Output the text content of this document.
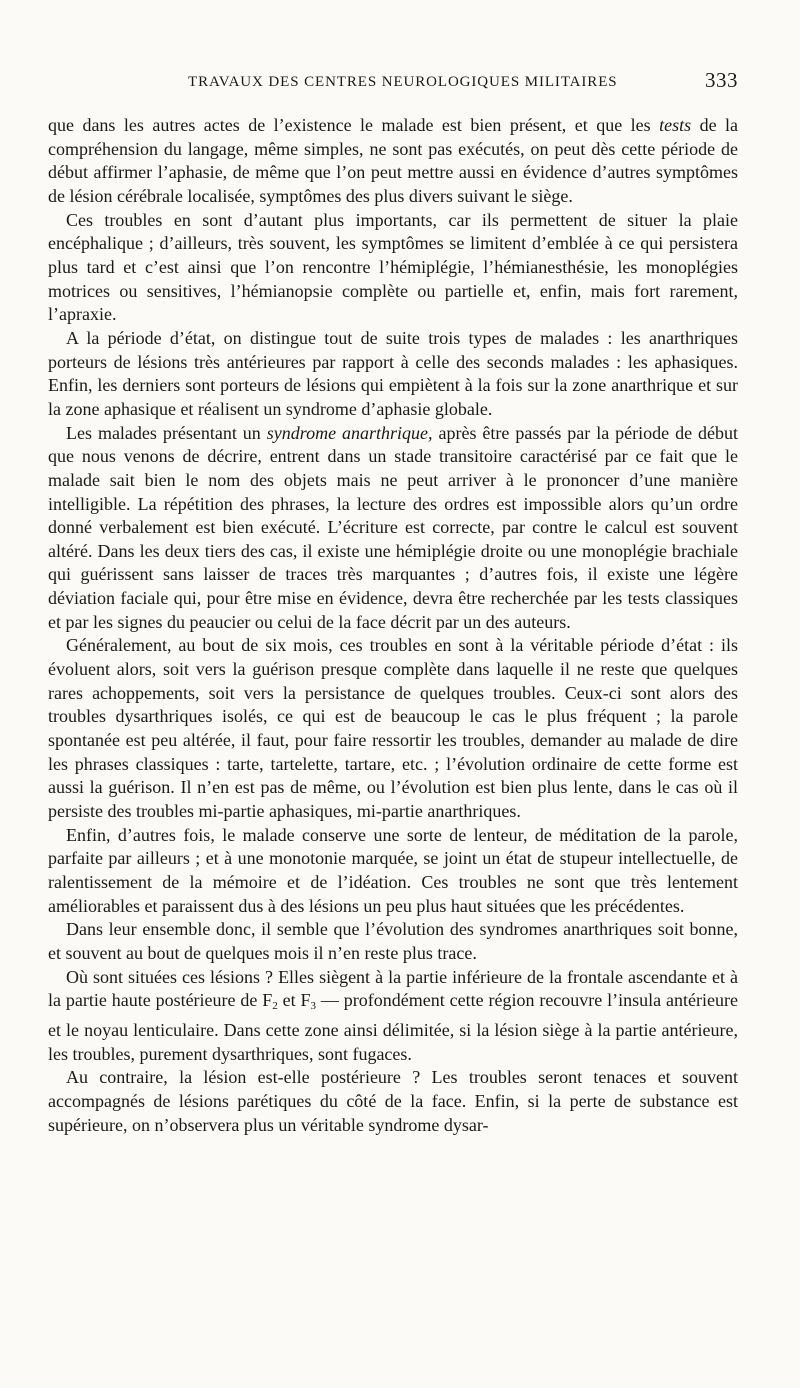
TRAVAUX DES CENTRES NEUROLOGIQUES MILITAIRES	333

que dans les autres actes de l’existence le malade est bien présent, et que les tests de la compréhension du langage, même simples, ne sont pas exécutés, on peut dès cette période de début affirmer l’aphasie, de même que l’on peut mettre aussi en évidence d’autres symptômes de lésion cérébrale localisée, symptômes des plus divers suivant le siège.

Ces troubles en sont d’autant plus importants, car ils permettent de situer la plaie encéphalique ; d’ailleurs, très souvent, les symptômes se limitent d’emblée à ce qui persistera plus tard et c’est ainsi que l’on rencontre l’hémiplégie, l’hémianesthésie, les monoplégies motrices ou sensitives, l’hémianopsie complète ou partielle et, enfin, mais fort rarement, l’apraxie.

A la période d’état, on distingue tout de suite trois types de malades : les anarthriques porteurs de lésions très antérieures par rapport à celle des seconds malades : les aphasiques. Enfin, les derniers sont porteurs de lésions qui empiètent à la fois sur la zone anarthrique et sur la zone aphasique et réalisent un syndrome d’aphasie globale.

Les malades présentant un syndrome anarthrique, après être passés par la période de début que nous venons de décrire, entrent dans un stade transitoire caractérisé par ce fait que le malade sait bien le nom des objets mais ne peut arriver à le prononcer d’une manière intelligible. La répétition des phrases, la lecture des ordres est impossible alors qu’un ordre donné verbalement est bien exécuté. L’écriture est correcte, par contre le calcul est souvent altéré. Dans les deux tiers des cas, il existe une hémiplégie droite ou une monoplégie brachiale qui guérissent sans laisser de traces très marquantes ; d’autres fois, il existe une légère déviation faciale qui, pour être mise en évidence, devra être recherchée par les tests classiques et par les signes du peaucier ou celui de la face décrit par un des auteurs.

Généralement, au bout de six mois, ces troubles en sont à la véritable période d’état : ils évoluent alors, soit vers la guérison presque complète dans laquelle il ne reste que quelques rares achoppements, soit vers la persistance de quelques troubles. Ceux-ci sont alors des troubles dysarthriques isolés, ce qui est de beaucoup le cas le plus fréquent ; la parole spontanée est peu altérée, il faut, pour faire ressortir les troubles, demander au malade de dire les phrases classiques : tarte, tartelette, tartare, etc. ; l’évolution ordinaire de cette forme est aussi la guérison. Il n’en est pas de même, ou l’évolution est bien plus lente, dans le cas où il persiste des troubles mi-partie aphasiques, mi-partie anarthriques.

Enfin, d’autres fois, le malade conserve une sorte de lenteur, de méditation de la parole, parfaite par ailleurs ; et à une monotonie marquée, se joint un état de stupeur intellectuelle, de ralentissement de la mémoire et de l’idéation. Ces troubles ne sont que très lentement améliorables et paraissent dus à des lésions un peu plus haut situées que les précédentes.

Dans leur ensemble donc, il semble que l’évolution des syndromes anarthriques soit bonne, et souvent au bout de quelques mois il n’en reste plus trace.

Où sont situées ces lésions ? Elles siègent à la partie inférieure de la frontale ascendante et à la partie haute postérieure de $F_2$ et $F_3$ — profondément cette région recouvre l’insula antérieure et le noyau lenticulaire. Dans cette zone ainsi délimitée, si la lésion siège à la partie antérieure, les troubles, purement dysarthriques, sont fugaces.

Au contraire, la lésion est-elle postérieure ? Les troubles seront tenaces et souvent accompagnés de lésions parétiques du côté de la face. Enfin, si la perte de substance est supérieure, on n’observera plus un véritable syndrome dysar-
